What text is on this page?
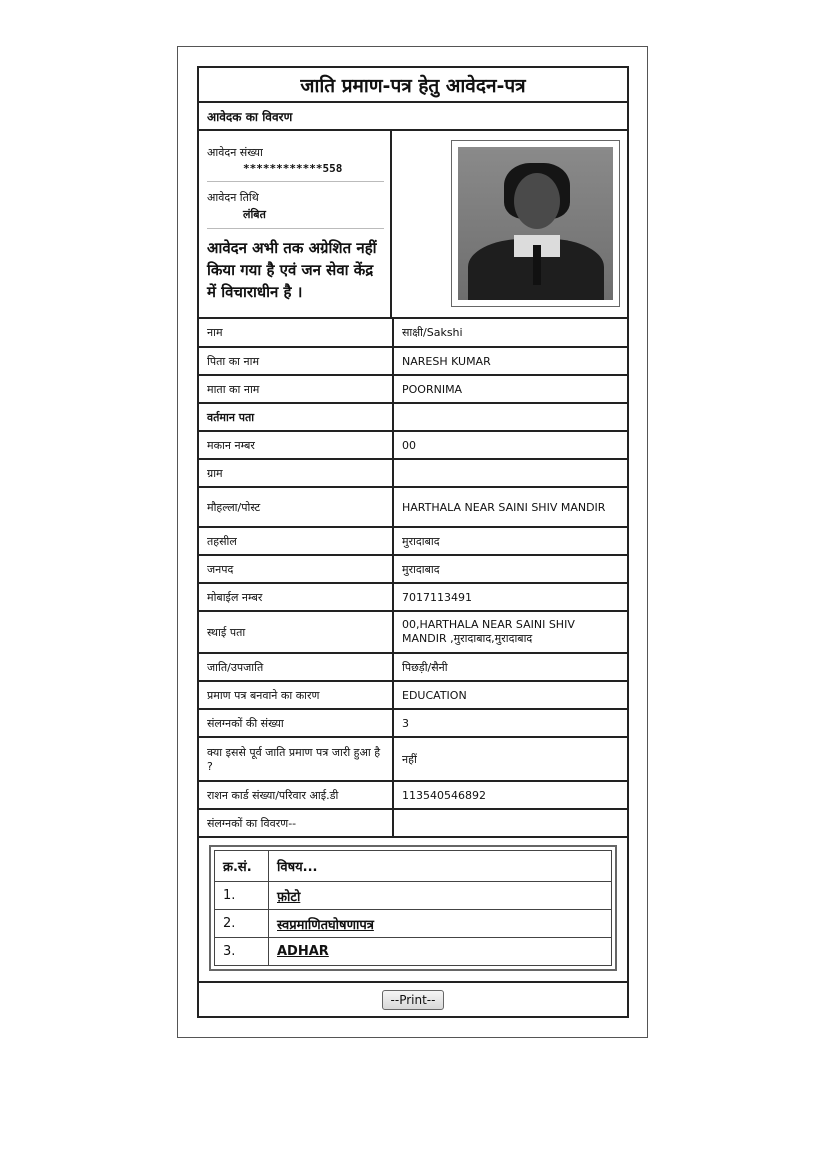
जाति प्रमाण-पत्र हेतु आवेदन-पत्र
आवेदक का विवरण
आवेदन संख्या
************558
आवेदन तिथि
लंबित
आवेदन अभी तक अग्रेशित नहीं किया गया है एवं जन सेवा केंद्र में विचाराधीन है ।
नाम	साक्षी/Sakshi
पिता का नाम	NARESH KUMAR
माता का नाम	POORNIMA
वर्तमान पता	
मकान नम्बर	00
ग्राम	
मौहल्ला/पोस्ट	HARTHALA NEAR SAINI SHIV MANDIR
तहसील	मुरादाबाद
जनपद	मुरादाबाद
मोबाईल नम्बर	7017113491
स्थाई पता	00,HARTHALA NEAR SAINI SHIV MANDIR ,मुरादाबाद,मुरादाबाद
जाति/उपजाति	पिछड़ी/सैनी
प्रमाण पत्र बनवाने का कारण	EDUCATION
संलग्नकों की संख्या	3
क्या इससे पूर्व जाति प्रमाण पत्र जारी हुआ है ?	नहीं
राशन कार्ड संख्या/परिवार आई.डी	113540546892
संलग्नकों का विवरण--	
क्र.सं.	विषय...
1.	फ़ोटो
2.	स्वप्रमाणितघोषणापत्र
3.	ADHAR
--Print--
